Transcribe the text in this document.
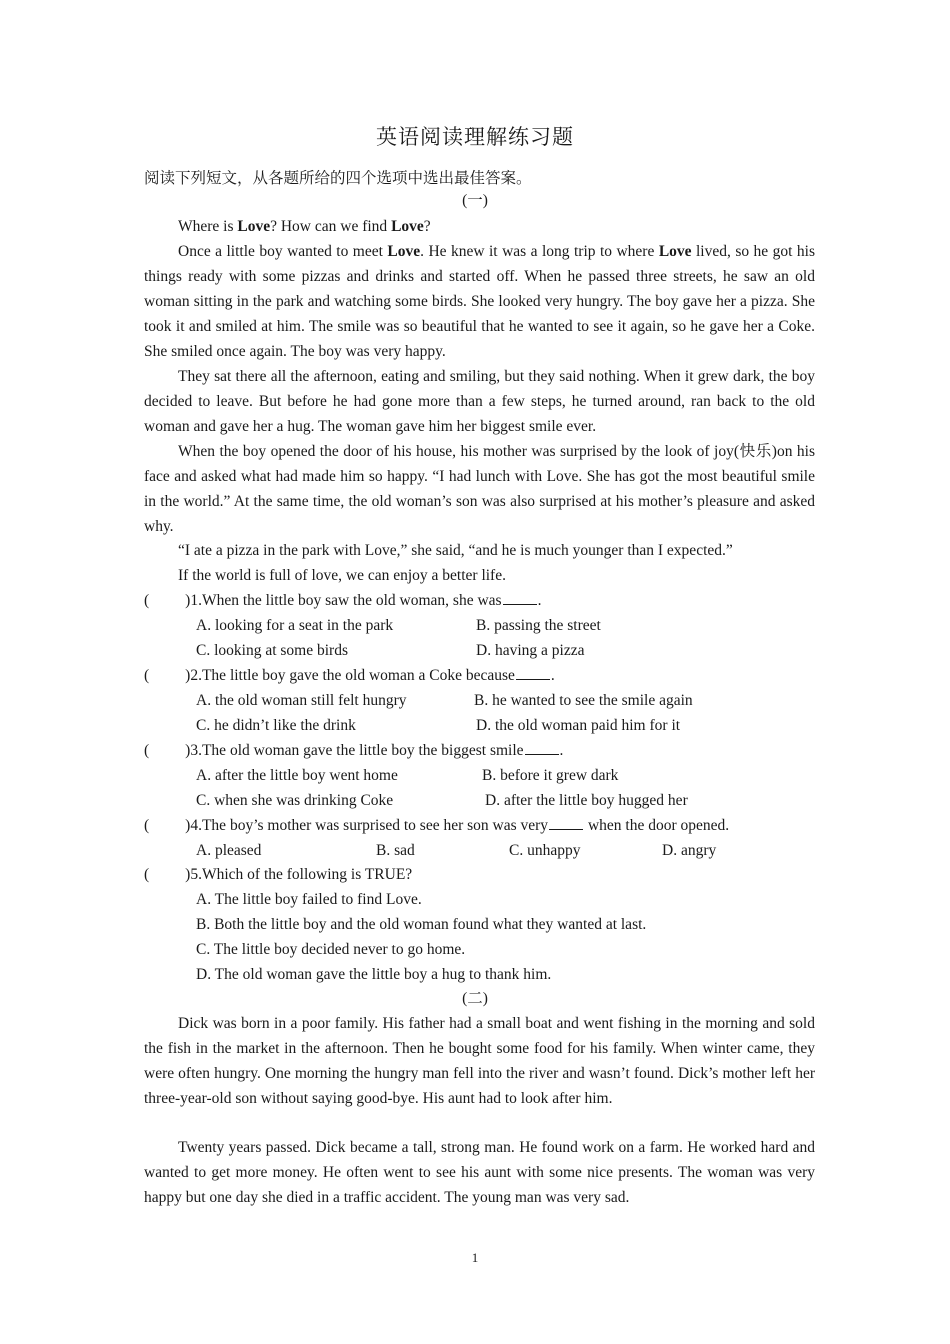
英语阅读理解练习题
阅读下列短文，从各题所给的四个选项中选出最佳答案。
(一)
Where is Love? How can we find Love?
Once a little boy wanted to meet Love. He knew it was a long trip to where Love lived, so he got his things ready with some pizzas and drinks and started off. When he passed three streets, he saw an old woman sitting in the park and watching some birds. She looked very hungry. The boy gave her a pizza. She took it and smiled at him. The smile was so beautiful that he wanted to see it again, so he gave her a Coke. She smiled once again. The boy was very happy.
They sat there all the afternoon, eating and smiling, but they said nothing. When it grew dark, the boy decided to leave. But before he had gone more than a few steps, he turned around, ran back to the old woman and gave her a hug. The woman gave him her biggest smile ever.
When the boy opened the door of his house, his mother was surprised by the look of joy(快乐)on his face and asked what had made him so happy. “I had lunch with Love. She has got the most beautiful smile in the world.” At the same time, the old woman’s son was also surprised at his mother’s pleasure and asked why.
“I ate a pizza in the park with Love,” she said, “and he is much younger than I expected.”
If the world is full of love, we can enjoy a better life.
( )1.When the little boy saw the old woman, she was .
A. looking for a seat in the park	B. passing the street
C. looking at some birds	D. having a pizza
( )2.The little boy gave the old woman a Coke because .
A. the old woman still felt hungry	B. he wanted to see the smile again
C. he didn’t like the drink	D. the old woman paid him for it
( )3.The old woman gave the little boy the biggest smile .
A. after the little boy went home	B. before it grew dark
C. when she was drinking Coke	D. after the little boy hugged her
( )4.The boy’s mother was surprised to see her son was very when the door opened.
A. pleased	B. sad	C. unhappy	D. angry
( )5.Which of the following is TRUE?
A. The little boy failed to find Love.
B. Both the little boy and the old woman found what they wanted at last.
C. The little boy decided never to go home.
D. The old woman gave the little boy a hug to thank him.
(二)
Dick was born in a poor family. His father had a small boat and went fishing in the morning and sold the fish in the market in the afternoon. Then he bought some food for his family. When winter came, they were often hungry. One morning the hungry man fell into the river and wasn’t found. Dick’s mother left her three-year-old son without saying good-bye. His aunt had to look after him.
Twenty years passed. Dick became a tall, strong man. He found work on a farm. He worked hard and wanted to get more money. He often went to see his aunt with some nice presents. The woman was very happy but one day she died in a traffic accident. The young man was very sad.
1
